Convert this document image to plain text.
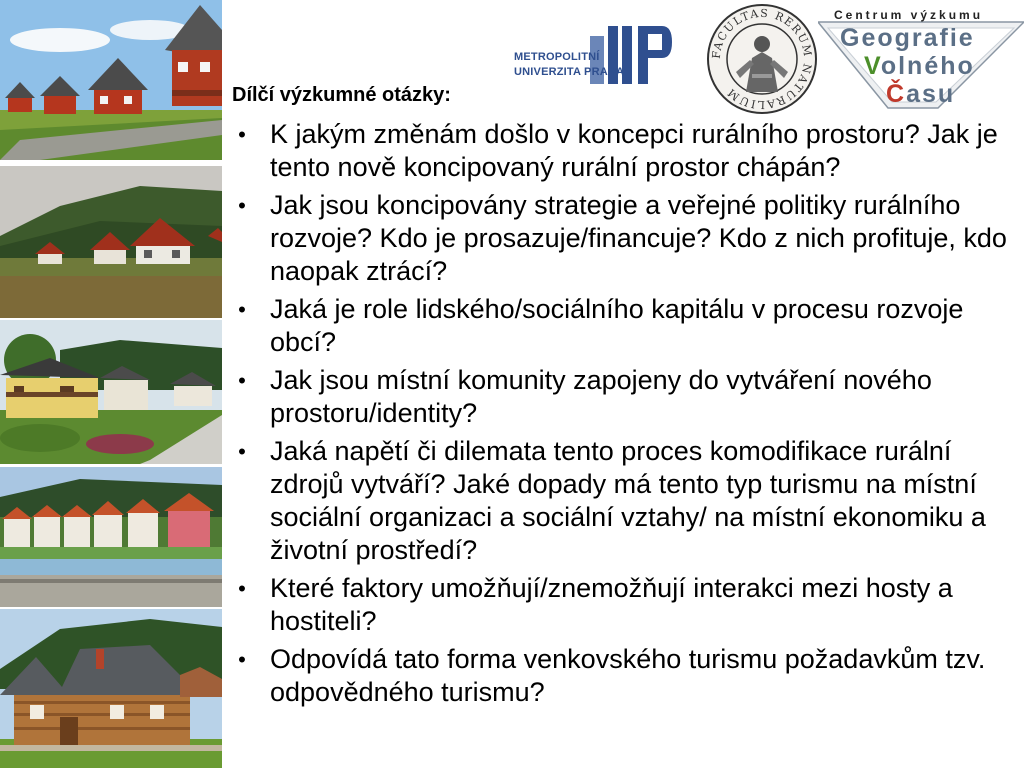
METROPOLITNÍ
UNIVERZITA PRAHA
FACULTAS RERUM NATURALIUM
Centrum výzkumu
Geografie
Volného
Času
Dílčí výzkumné otázky:
• K jakým změnám došlo v koncepci rurálního prostoru? Jak je tento nově koncipovaný rurální prostor chápán?
• Jak jsou koncipovány strategie a veřejné politiky rurálního rozvoje? Kdo je prosazuje/financuje? Kdo z nich profituje, kdo naopak ztrácí?
• Jaká je role lidského/sociálního kapitálu v procesu rozvoje obcí?
• Jak jsou místní komunity zapojeny do vytváření nového prostoru/identity?
• Jaká napětí či dilemata tento proces komodifikace rurální zdrojů vytváří? Jaké dopady má tento typ turismu na místní sociální organizaci a sociální vztahy/ na místní ekonomiku a životní prostředí?
• Které faktory umožňují/znemožňují interakci mezi hosty a hostiteli?
• Odpovídá tato forma venkovského turismu požadavkům tzv. odpovědného turismu?
